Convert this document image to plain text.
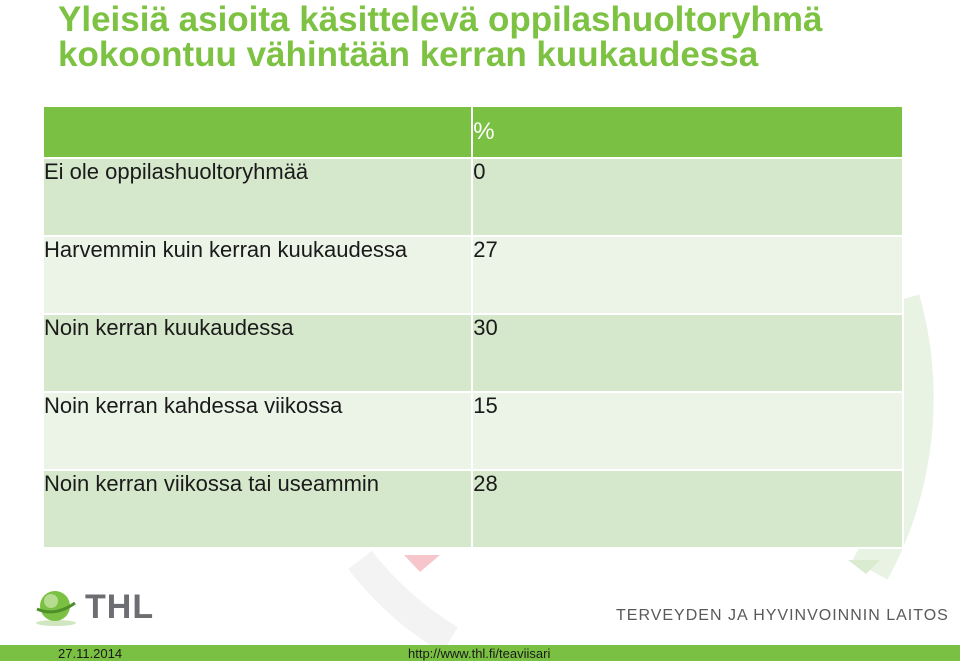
Yleisiä asioita käsittelevä oppilashuoltoryhmä
kokoontuu vähintään kerran kuukaudessa
	%
Ei ole oppilashuoltoryhmää	0
Harvemmin kuin kerran kuukaudessa	27
Noin kerran kuukaudessa	30
Noin kerran kahdessa viikossa	15
Noin kerran viikossa tai useammin	28
THL	TERVEYDEN JA HYVINVOINNIN LAITOS
27.11.2014	http://www.thl.fi/teaviisari
